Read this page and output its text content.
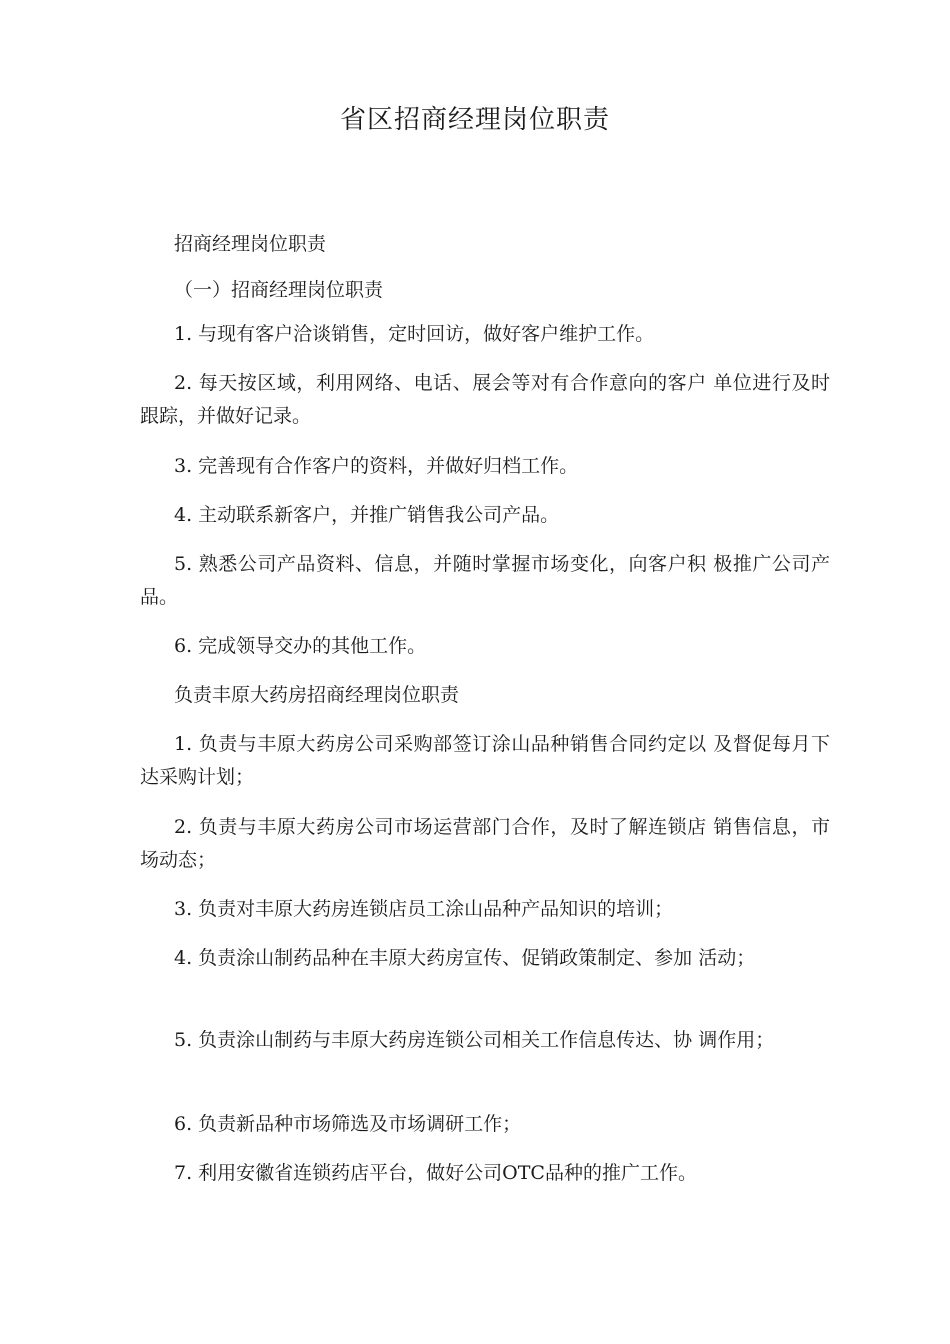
省区招商经理岗位职责

招商经理岗位职责

（一）招商经理岗位职责

1. 与现有客户洽谈销售，定时回访，做好客户维护工作。

2. 每天按区域，利用网络、电话、展会等对有合作意向的客户 单位进行及时跟踪，并做好记录。

3. 完善现有合作客户的资料，并做好归档工作。

4. 主动联系新客户，并推广销售我公司产品。

5. 熟悉公司产品资料、信息，并随时掌握市场变化，向客户积 极推广公司产品。

6. 完成领导交办的其他工作。

负责丰原大药房招商经理岗位职责

1. 负责与丰原大药房公司采购部签订涂山品种销售合同约定以 及督促每月下达采购计划；

2. 负责与丰原大药房公司市场运营部门合作，及时了解连锁店 销售信息，市场动态；

3. 负责对丰原大药房连锁店员工涂山品种产品知识的培训；

4. 负责涂山制药品种在丰原大药房宣传、促销政策制定、参加 活动；

5. 负责涂山制药与丰原大药房连锁公司相关工作信息传达、协 调作用；

6. 负责新品种市场筛选及市场调研工作；

7. 利用安徽省连锁药店平台，做好公司OTC品种的推广工作。
